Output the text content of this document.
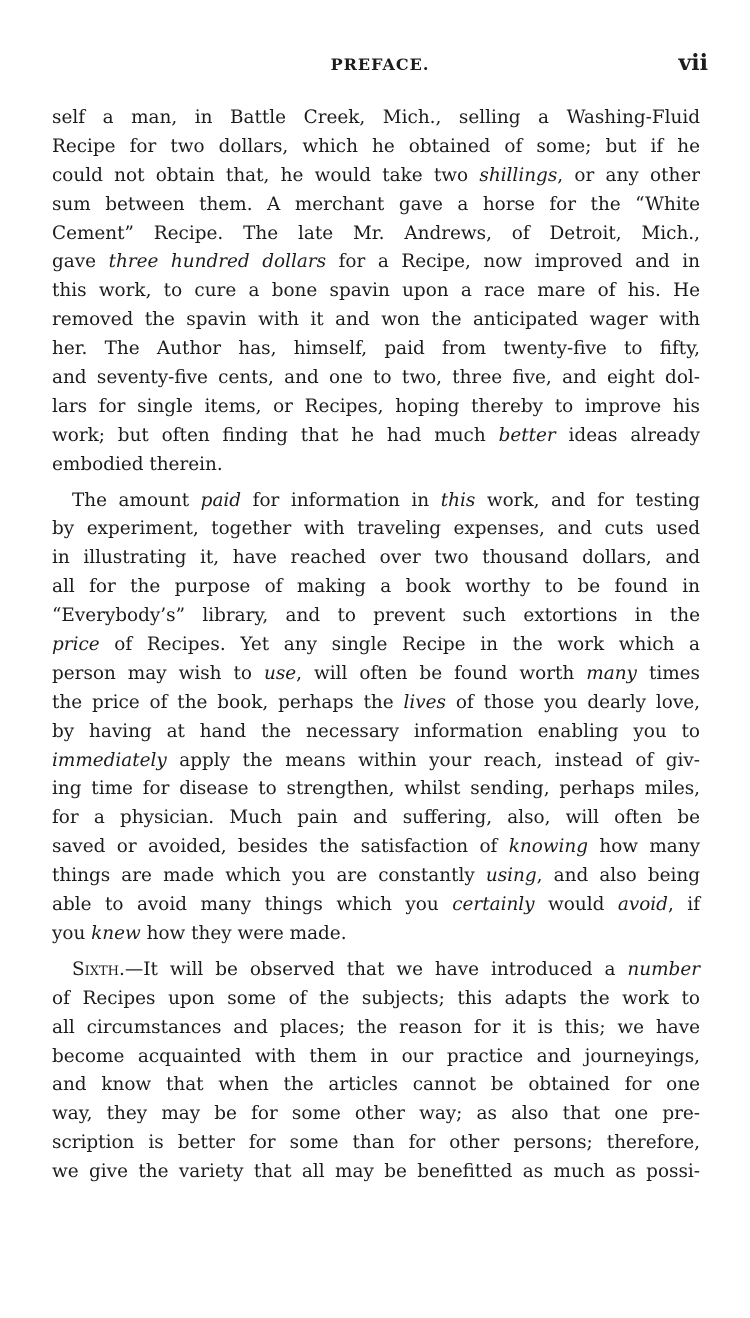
PREFACE.	vii
self a man, in Battle Creek, Mich., selling a Washing-Fluid
Recipe for two dollars, which he obtained of some; but if he
could not obtain that, he would take two shillings, or any other
sum between them. A merchant gave a horse for the “White
Cement” Recipe. The late Mr. Andrews, of Detroit, Mich.,
gave three hundred dollars for a Recipe, now improved and in
this work, to cure a bone spavin upon a race mare of his. He
removed the spavin with it and won the anticipated wager with
her. The Author has, himself, paid from twenty-five to fifty,
and seventy-five cents, and one to two, three five, and eight dol-
lars for single items, or Recipes, hoping thereby to improve his
work; but often finding that he had much better ideas already
embodied therein.
The amount paid for information in this work, and for testing
by experiment, together with traveling expenses, and cuts used
in illustrating it, have reached over two thousand dollars, and
all for the purpose of making a book worthy to be found in
“Everybody’s” library, and to prevent such extortions in the
price of Recipes. Yet any single Recipe in the work which a
person may wish to use, will often be found worth many times
the price of the book, perhaps the lives of those you dearly love,
by having at hand the necessary information enabling you to
immediately apply the means within your reach, instead of giv-
ing time for disease to strengthen, whilst sending, perhaps miles,
for a physician. Much pain and suffering, also, will often be
saved or avoided, besides the satisfaction of knowing how many
things are made which you are constantly using, and also being
able to avoid many things which you certainly would avoid, if
you knew how they were made.
Sixth.—It will be observed that we have introduced a number
of Recipes upon some of the subjects; this adapts the work to
all circumstances and places; the reason for it is this; we have
become acquainted with them in our practice and journeyings,
and know that when the articles cannot be obtained for one
way, they may be for some other way; as also that one pre-
scription is better for some than for other persons; therefore,
we give the variety that all may be benefitted as much as possi-
